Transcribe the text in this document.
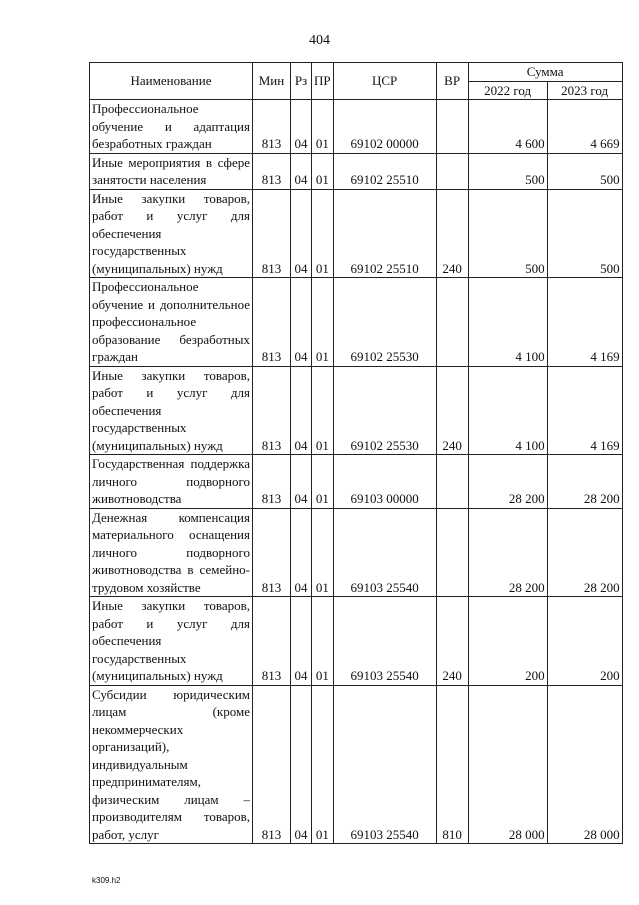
404
Наименование	Мин	Рз	ПР	ЦСР	ВР	Сумма	
						2022 год	2023 год
Профессиональное обучение и адаптация безработных граждан	813	04	01	69102 00000		4 600	4 669
Иные мероприятия в сфере занятости населения	813	04	01	69102 25510		500	500
Иные закупки товаров, работ и услуг для обеспечения государственных (муниципальных) нужд	813	04	01	69102 25510	240	500	500
Профессиональное обучение и дополнительное профессиональное образование безработных граждан	813	04	01	69102 25530		4 100	4 169
Иные закупки товаров, работ и услуг для обеспечения государственных (муниципальных) нужд	813	04	01	69102 25530	240	4 100	4 169
Государственная поддержка личного подворного животноводства	813	04	01	69103 00000		28 200	28 200
Денежная компенсация материального оснащения личного подворного животноводства в семейно-трудовом хозяйстве	813	04	01	69103 25540		28 200	28 200
Иные закупки товаров, работ и услуг для обеспечения государственных (муниципальных) нужд	813	04	01	69103 25540	240	200	200
Субсидии юридическим лицам (кроме некоммерческих организаций), индивидуальным предпринимателям, физическим лицам – производителям товаров, работ, услуг	813	04	01	69103 25540	810	28 000	28 000
k309.h2
